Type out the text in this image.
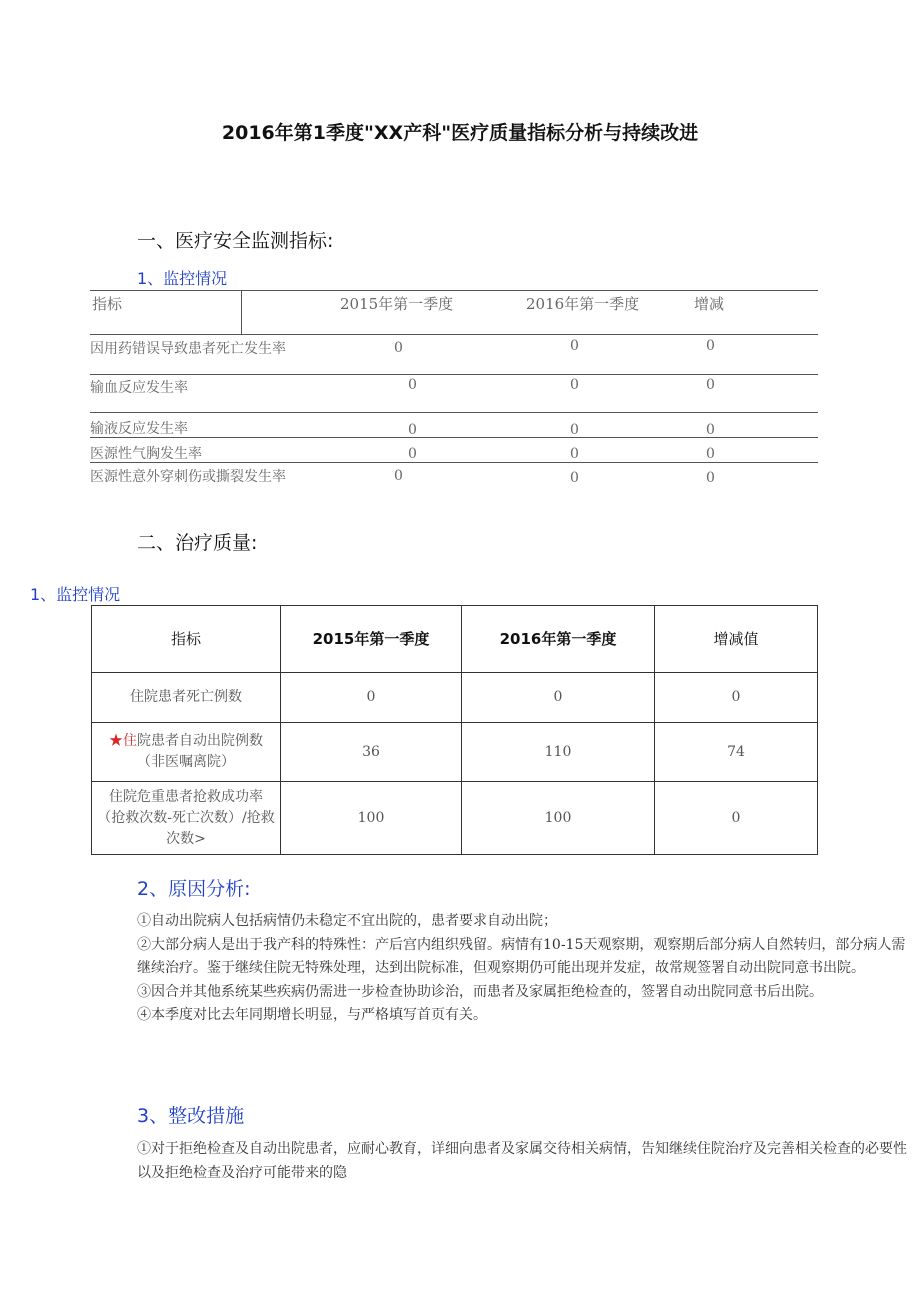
2016年第1季度"XX产科"医疗质量指标分析与持续改进
一、医疗安全监测指标:
1、监控情况
指标	2015年第一季度	2016年第一季度	增减
因用药错误导致患者死亡发生率	0	0	0
输血反应发生率	0	0	0
输液反应发生率	0	0	0
医源性气胸发生率	0	0	0
医源性意外穿刺伤或撕裂发生率	0	0	0
二、治疗质量:
1、监控情况
指标	2015年第一季度	2016年第一季度	增减值
住院患者死亡例数	0	0	0
★住院患者自动出院例数（非医嘱离院）	36	110	74
住院危重患者抢救成功率（抢救次数-死亡次数）/抢救次数>	100	100	0
2、原因分析:

①自动出院病人包括病情仍未稳定不宜出院的，患者要求自动出院；

②大部分病人是出于我产科的特殊性：产后宫内组织残留。病情有10-15天观察期，观察期后部分病人自然转归，部分病人需继续治疗。鉴于继续住院无特殊处理，达到出院标准，但观察期仍可能出现并发症，故常规签署自动出院同意书出院。

③因合并其他系统某些疾病仍需进一步检查协助诊治，而患者及家属拒绝检查的，签署自动出院同意书后出院。

④本季度对比去年同期增长明显，与严格填写首页有关。

3、整改措施

①对于拒绝检查及自动出院患者，应耐心教育，详细向患者及家属交待相关病情，告知继续住院治疗及完善相关检查的必要性以及拒绝检查及治疗可能带来的隐
